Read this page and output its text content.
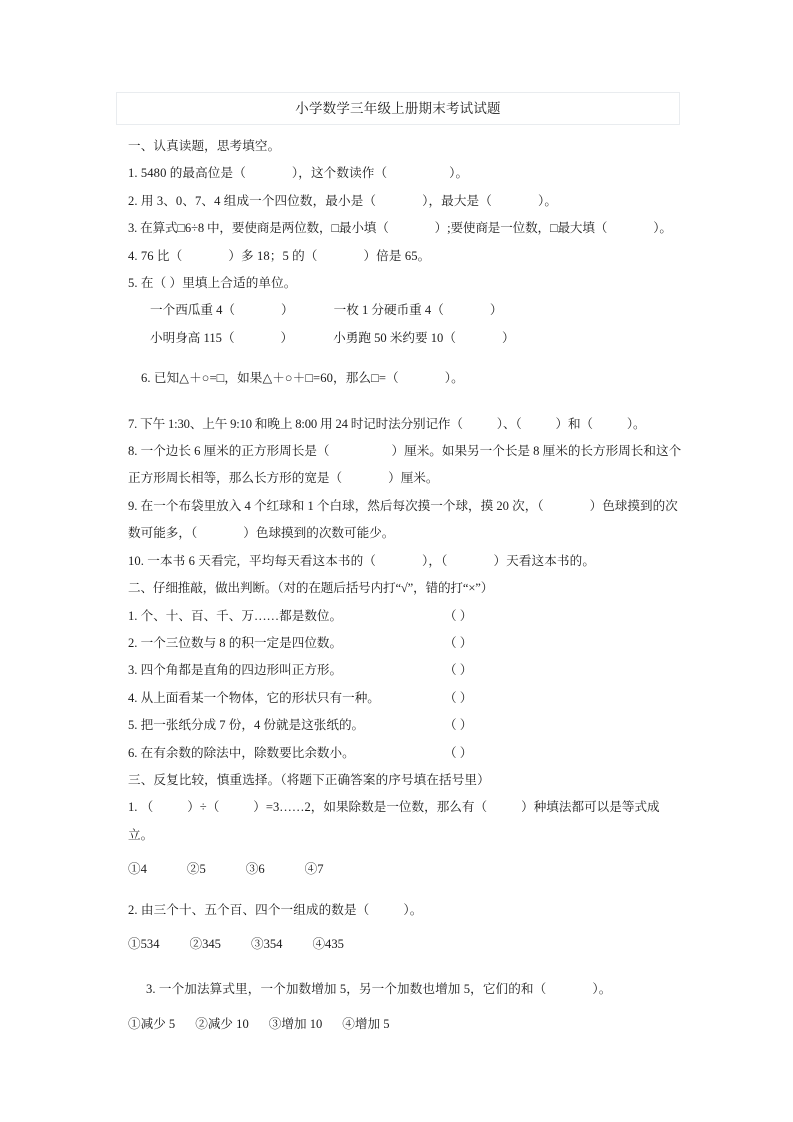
小学数学三年级上册期末考试试题
一、认真读题，思考填空。
1. 5480 的最高位是（	），这个数读作（	）。
2. 用 3、0、7、4 组成一个四位数，最小是（	），最大是（	）。
3. 在算式□6÷8 中，要使商是两位数，□最小填（	）;要使商是一位数，□最大填（	）。
4. 76 比（	）多 18；5 的（	）倍是 65。
5. 在（ ）里填上合适的单位。
一个西瓜重 4（	）	一枚 1 分硬币重 4（	）
小明身高 115（	）	小勇跑 50 米约要 10（	）
6. 已知△＋○=□，如果△＋○＋□=60，那么□=（	）。
7. 下午 1:30、上午 9:10 和晚上 8:00 用 24 时记时法分别记作（	）、（	）和（	）。
8. 一个边长 6 厘米的正方形周长是（	）厘米。如果另一个长是 8 厘米的长方形周长和这个正方形周长相等，那么长方形的宽是（	）厘米。
9. 在一个布袋里放入 4 个红球和 1 个白球，然后每次摸一个球，摸 20 次，（	）色球摸到的次数可能多，（	）色球摸到的次数可能少。
10. 一本书 6 天看完，平均每天看这本书的（	），（	）天看这本书的。
二、仔细推敲，做出判断。（对的在题后括号内打“√”，错的打“×”）
1. 个、十、百、千、万……都是数位。	（ ）
2. 一个三位数与 8 的积一定是四位数。	（ ）
3. 四个角都是直角的四边形叫正方形。	（ ）
4. 从上面看某一个物体，它的形状只有一种。	（ ）
5. 把一张纸分成 7 份，4 份就是这张纸的。	（ ）
6. 在有余数的除法中，除数要比余数小。	（ ）
三、反复比较，慎重选择。（将题下正确答案的序号填在括号里）
1. （	）÷（	）=3……2，如果除数是一位数，那么有（	）种填法都可以是等式成立。
①4	②5	③6	④7
2. 由三个十、五个百、四个一组成的数是（	）。
①534 ②345 ③354 ④435
3. 一个加法算式里，一个加数增加 5，另一个加数也增加 5，它们的和（	）。
①减少 5 ②减少 10 ③增加 10 ④增加 5
